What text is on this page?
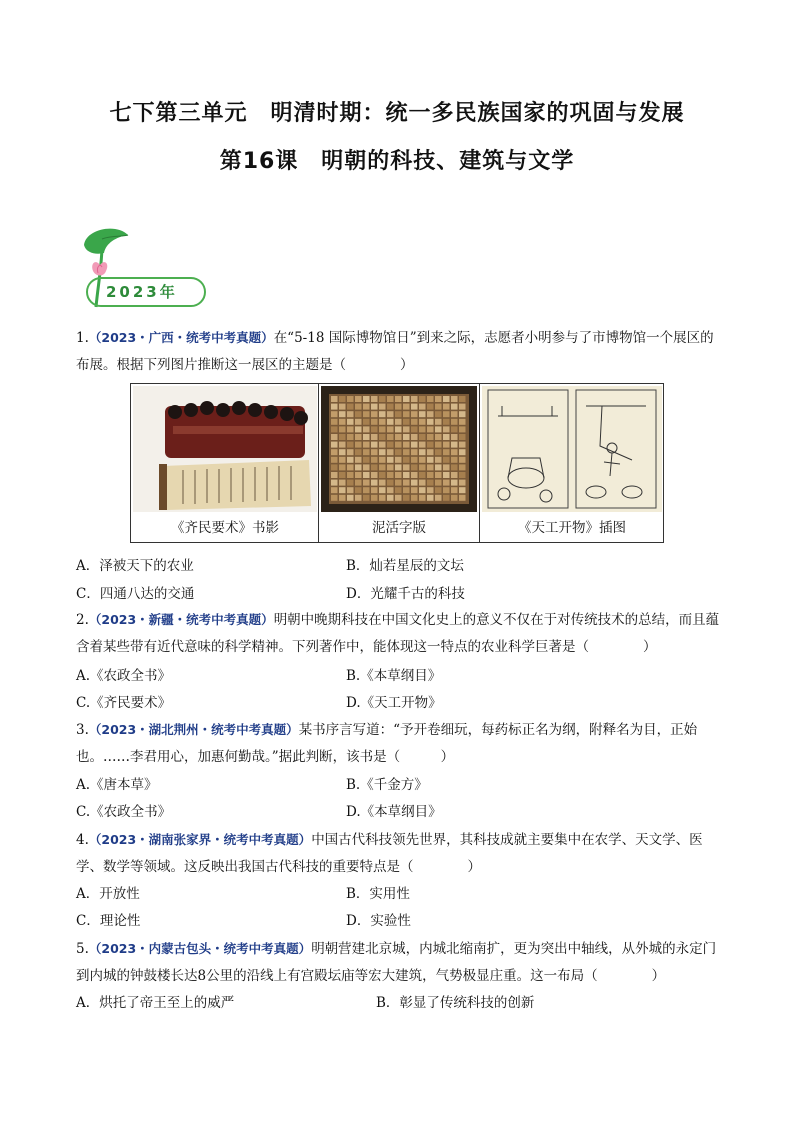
七下第三单元　明清时期：统一多民族国家的巩固与发展
第16课　明朝的科技、建筑与文学
2023年
1.（2023・广西・统考中考真题）在“5-18 国际博物馆日”到来之际，志愿者小明参与了市博物馆一个展区的布展。根据下列图片推断这一展区的主题是（　　　　）
《齐民要术》书影	泥活字版	《天工开物》插图
A．泽被天下的农业	B．灿若星辰的文坛
C．四通八达的交通	D．光耀千古的科技
2.（2023・新疆・统考中考真题）明朝中晚期科技在中国文化史上的意义不仅在于对传统技术的总结，而且蕴含着某些带有近代意味的科学精神。下列著作中，能体现这一特点的农业科学巨著是（　　　　）
A.《农政全书》	B.《本草纲目》
C.《齐民要术》	D.《天工开物》
3.（2023・湖北荆州・统考中考真题）某书序言写道：“予开卷细玩，每药标正名为纲，附释名为目，正始也。……李君用心，加惠何勤哉。”据此判断，该书是（　　　）
A.《唐本草》	B.《千金方》
C.《农政全书》	D.《本草纲目》
4.（2023・湖南张家界・统考中考真题）中国古代科技领先世界，其科技成就主要集中在农学、天文学、医学、数学等领域。这反映出我国古代科技的重要特点是（　　　　）
A．开放性	B．实用性
C．理论性	D．实验性
5.（2023・内蒙古包头・统考中考真题）明朝营建北京城，内城北缩南扩，更为突出中轴线，从外城的永定门到内城的钟鼓楼长达8公里的沿线上有宫殿坛庙等宏大建筑，气势极显庄重。这一布局（　　　　）
A．烘托了帝王至上的威严	B．彰显了传统科技的创新
